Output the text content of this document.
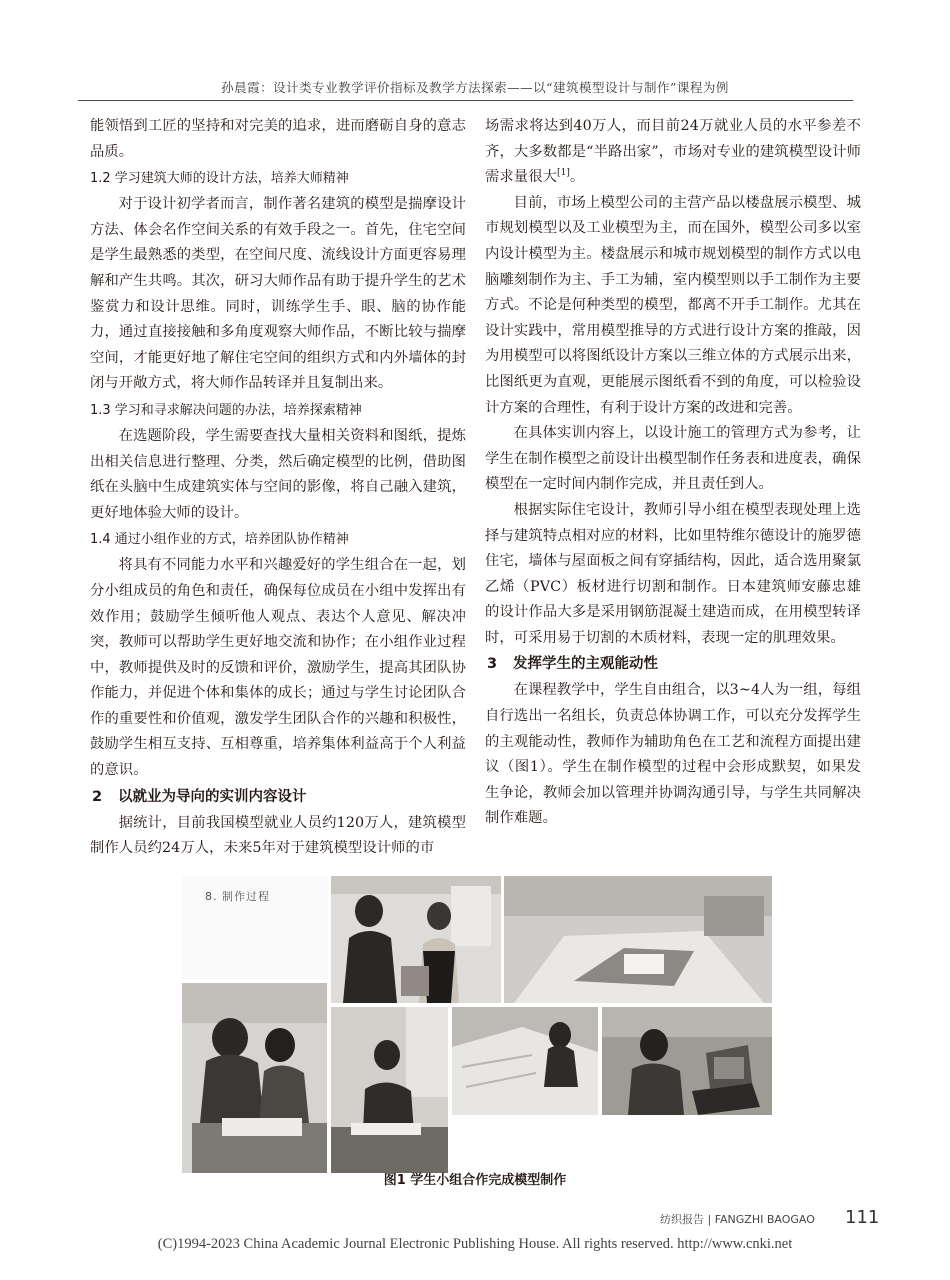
孙晨霞：设计类专业教学评价指标及教学方法探索——以“建筑模型设计与制作”课程为例

能领悟到工匠的坚持和对完美的追求，进而磨砺自身的意志品质。

1.2 学习建筑大师的设计方法，培养大师精神

对于设计初学者而言，制作著名建筑的模型是揣摩设计方法、体会名作空间关系的有效手段之一。首先，住宅空间是学生最熟悉的类型，在空间尺度、流线设计方面更容易理解和产生共鸣。其次，研习大师作品有助于提升学生的艺术鉴赏力和设计思维。同时，训练学生手、眼、脑的协作能力，通过直接接触和多角度观察大师作品，不断比较与揣摩空间，才能更好地了解住宅空间的组织方式和内外墙体的封闭与开敞方式，将大师作品转译并且复制出来。

1.3 学习和寻求解决问题的办法，培养探索精神

在选题阶段，学生需要查找大量相关资料和图纸，提炼出相关信息进行整理、分类，然后确定模型的比例，借助图纸在头脑中生成建筑实体与空间的影像，将自己融入建筑，更好地体验大师的设计。

1.4 通过小组作业的方式，培养团队协作精神

将具有不同能力水平和兴趣爱好的学生组合在一起，划分小组成员的角色和责任，确保每位成员在小组中发挥出有效作用；鼓励学生倾听他人观点、表达个人意见、解决冲突，教师可以帮助学生更好地交流和协作；在小组作业过程中，教师提供及时的反馈和评价，激励学生，提高其团队协作能力，并促进个体和集体的成长；通过与学生讨论团队合作的重要性和价值观，激发学生团队合作的兴趣和积极性，鼓励学生相互支持、互相尊重，培养集体利益高于个人利益的意识。

2 以就业为导向的实训内容设计

据统计，目前我国模型就业人员约120万人，建筑模型制作人员约24万人，未来5年对于建筑模型设计师的市

场需求将达到40万人，而目前24万就业人员的水平参差不齐，大多数都是“半路出家”，市场对专业的建筑模型设计师需求量很大[1]。

目前，市场上模型公司的主营产品以楼盘展示模型、城市规划模型以及工业模型为主，而在国外，模型公司多以室内设计模型为主。楼盘展示和城市规划模型的制作方式以电脑雕刻制作为主、手工为辅，室内模型则以手工制作为主要方式。不论是何种类型的模型，都离不开手工制作。尤其在设计实践中，常用模型推导的方式进行设计方案的推敲，因为用模型可以将图纸设计方案以三维立体的方式展示出来，比图纸更为直观，更能展示图纸看不到的角度，可以检验设计方案的合理性，有利于设计方案的改进和完善。

在具体实训内容上，以设计施工的管理方式为参考，让学生在制作模型之前设计出模型制作任务表和进度表，确保模型在一定时间内制作完成，并且责任到人。

根据实际住宅设计，教师引导小组在模型表现处理上选择与建筑特点相对应的材料，比如里特维尔德设计的施罗德住宅，墙体与屋面板之间有穿插结构，因此，适合选用聚氯乙烯（PVC）板材进行切割和制作。日本建筑师安藤忠雄的设计作品大多是采用钢筋混凝土建造而成，在用模型转译时，可采用易于切割的木质材料，表现一定的肌理效果。

3 发挥学生的主观能动性

在课程教学中，学生自由组合，以3~4人为一组，每组自行选出一名组长，负责总体协调工作，可以充分发挥学生的主观能动性，教师作为辅助角色在工艺和流程方面提出建议（图1）。学生在制作模型的过程中会形成默契，如果发生争论，教师会加以管理并协调沟通引导，与学生共同解决制作难题。

8. 制作过程
图1 学生小组合作完成模型制作
纺织报告 | FANGZHI BAOGAO 111
(C)1994-2023 China Academic Journal Electronic Publishing House. All rights reserved. http://www.cnki.net
